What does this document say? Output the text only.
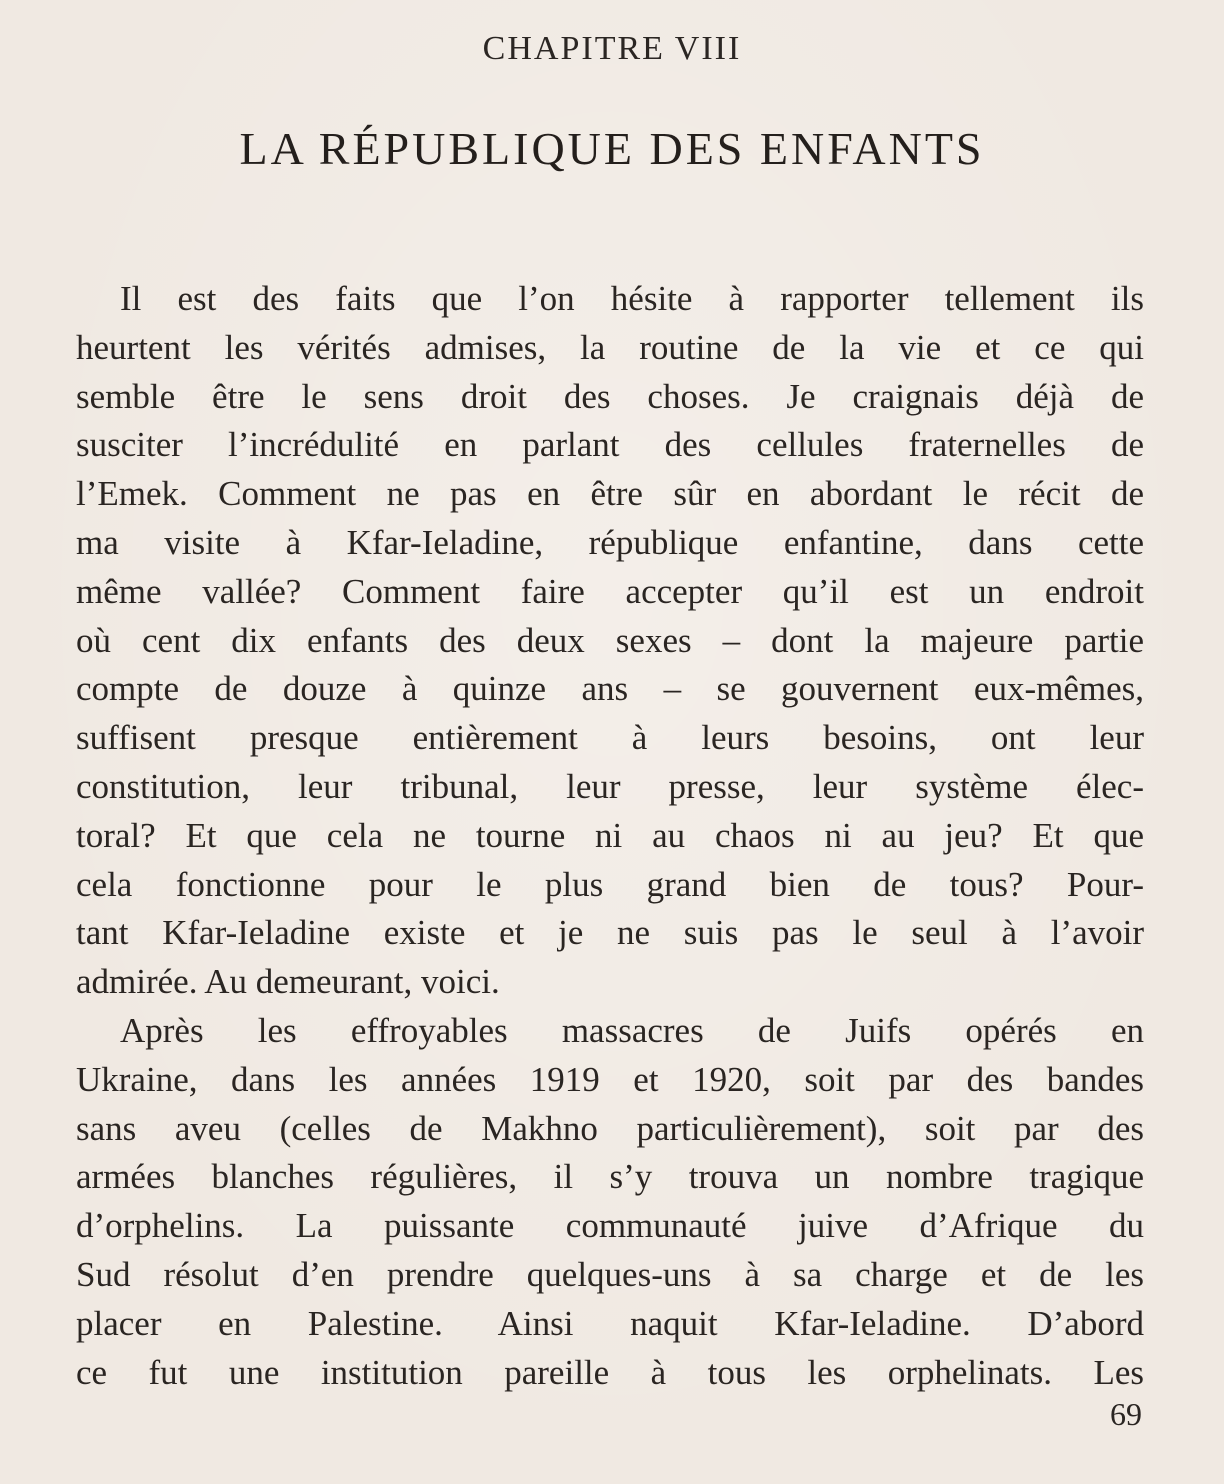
CHAPITRE VIII
LA RÉPUBLIQUE DES ENFANTS
Il est des faits que l’on hésite à rapporter tellement ils
heurtent les vérités admises, la routine de la vie et ce qui
semble être le sens droit des choses. Je craignais déjà de
susciter l’incrédulité en parlant des cellules fraternelles de
l’Emek. Comment ne pas en être sûr en abordant le récit de
ma visite à Kfar-Ieladine, république enfantine, dans cette
même vallée? Comment faire accepter qu’il est un endroit
où cent dix enfants des deux sexes – dont la majeure partie
compte de douze à quinze ans – se gouvernent eux-mêmes,
suffisent presque entièrement à leurs besoins, ont leur
constitution, leur tribunal, leur presse, leur système élec-
toral? Et que cela ne tourne ni au chaos ni au jeu? Et que
cela fonctionne pour le plus grand bien de tous? Pour-
tant Kfar-Ieladine existe et je ne suis pas le seul à l’avoir
admirée. Au demeurant, voici.
Après les effroyables massacres de Juifs opérés en
Ukraine, dans les années 1919 et 1920, soit par des bandes
sans aveu (celles de Makhno particulièrement), soit par des
armées blanches régulières, il s’y trouva un nombre tragique
d’orphelins. La puissante communauté juive d’Afrique du
Sud résolut d’en prendre quelques-uns à sa charge et de les
placer en Palestine. Ainsi naquit Kfar-Ieladine. D’abord
ce fut une institution pareille à tous les orphelinats. Les
69
